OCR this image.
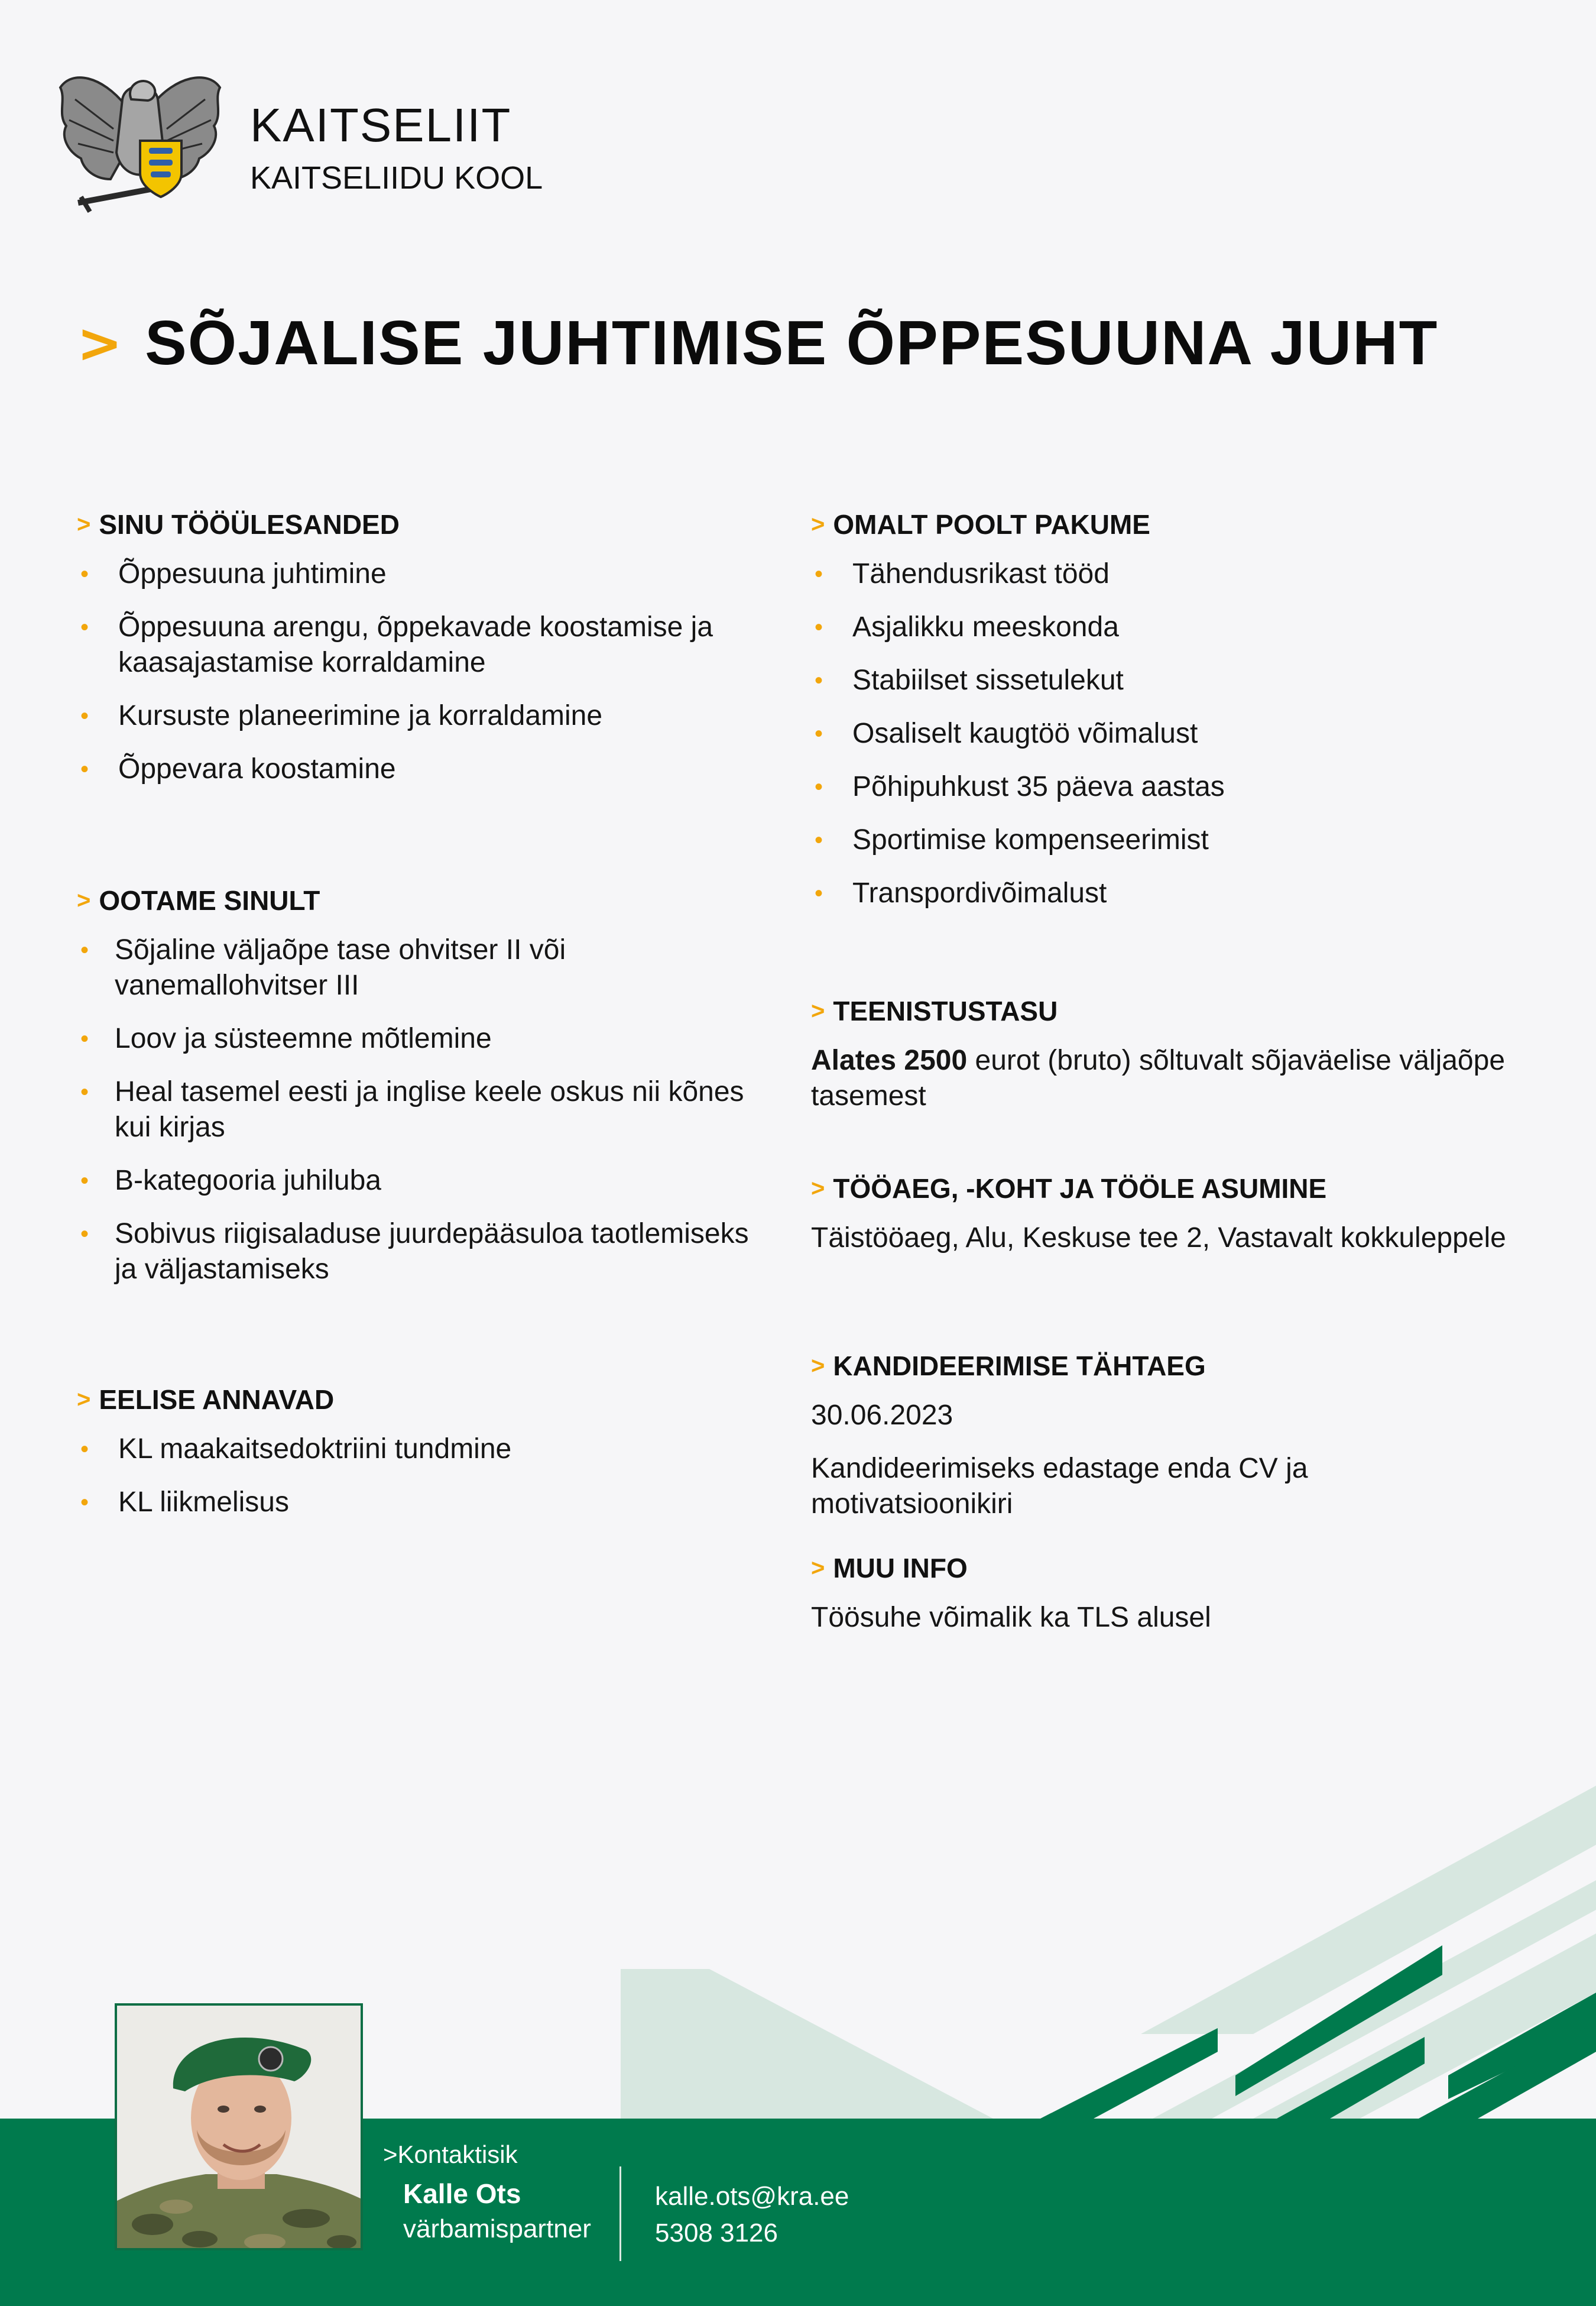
KAITSELIIT
KAITSELIIDU KOOL
> SÕJALISE JUHTIMISE ÕPPESUUNA JUHT
> SINU TÖÖÜLESANDED
• Õppesuuna juhtimine
• Õppesuuna arengu, õppekavade koostamise ja kaasajastamise korraldamine
• Kursuste planeerimine ja korraldamine
• Õppevara koostamine
> OOTAME SINULT
• Sõjaline väljaõpe tase ohvitser II või vanemallohvitser III
• Loov ja süsteemne mõtlemine
• Heal tasemel eesti ja inglise keele oskus nii kõnes kui kirjas
• B-kategooria juhiluba
• Sobivus riigisaladuse juurdepääsuloa taotlemiseks ja väljastamiseks
> EELISE ANNAVAD
• KL maakaitsedoktriini tundmine
• KL liikmelisus
> OMALT POOLT PAKUME
• Tähendusrikast tööd
• Asjalikku meeskonda
• Stabiilset sissetulekut
• Osaliselt kaugtöö võimalust
• Põhipuhkust 35 päeva aastas
• Sportimise kompenseerimist
• Transpordivõimalust
> TEENISTUSTASU

Alates 2500 eurot (bruto) sõltuvalt sõjaväelise väljaõpe tasemest

> TÖÖAEG, -KOHT JA TÖÖLE ASUMINE

Täistööaeg, Alu, Keskuse tee 2, Vastavalt kokkuleppele

> KANDIDEERIMISE TÄHTAEG

30.06.2023

Kandideerimiseks edastage enda CV ja motivatsioonikiri

> MUU INFO

Töösuhe võimalik ka TLS alusel

>Kontaktisik
Kalle Ots
värbamispartner
kalle.ots@kra.ee
5308 3126
